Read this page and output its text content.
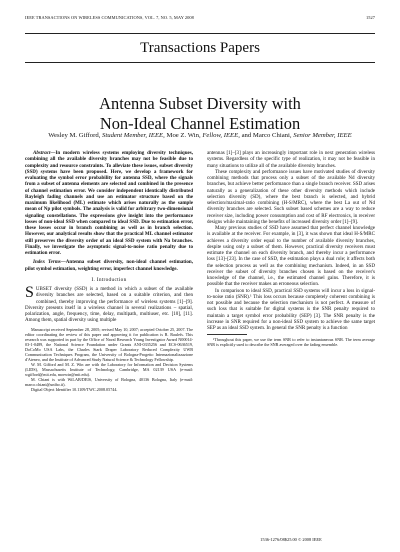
IEEE TRANSACTIONS ON WIRELESS COMMUNICATIONS, VOL. 7, NO. 5, MAY 2008	1527
Transactions Papers
Antenna Subset Diversity with
Non-Ideal Channel Estimation
Wesley M. Gifford, Student Member, IEEE, Moe Z. Win, Fellow, IEEE, and Marco Chiani, Senior Member, IEEE

Abstract—In modern wireless systems employing diversity techniques, combining all the available diversity branches may not be feasible due to complexity and resource constraints. To alleviate these issues, subset diversity (SSD) systems have been proposed. Here, we develop a framework for evaluating the symbol error probability for antenna SSD, where the signals from a subset of antenna elements are selected and combined in the presence of channel estimation error. We consider independent identically distributed Rayleigh fading channels and use an estimator structure based on the maximum likelihood (ML) estimate which arises naturally as the sample mean of Np pilot symbols. The analysis is valid for arbitrary two-dimensional signaling constellations. The expressions give insight into the performance losses of non-ideal SSD when compared to ideal SSD. Due to estimation error, these losses occur in branch combining as well as in branch selection. However, our analytical results show that the practical ML channel estimator still preserves the diversity order of an ideal SSD system with Na branches. Finally, we investigate the asymptotic signal-to-noise ratio penalty due to estimation error.

Index Terms—Antenna subset diversity, non-ideal channel estimation, pilot symbol estimation, weighting error, imperfect channel knowledge.

I. Introduction

SUBSET diversity (SSD) is a method in which a subset of the available diversity branches are selected, based on a suitable criterion, and then combined, thereby improving the performance of wireless systems [1]–[9]. Diversity presents itself in a wireless channel in several realizations – spatial, polarization, angle, frequency, time, delay, multipath, multiuser, etc. [10], [11]. Among them, spatial diversity using multiple

Manuscript received September 28, 2005; revised May 10, 2007; accepted October 25, 2007. The editor coordinating the review of this paper and approving it for publication is R. Raulefs. This research was supported in part by the Office of Naval Research Young Investigator Award N00014-03-1-0489, the National Science Foundation under Grants ANI-0335256 and ECS-0636519, DoCoMo USA Labs, the Charles Stark Draper Laboratory Reduced Complexity UWB Communication Techniques Program, the University of Bologna-Progetto Internazionalizzazione d'Ateneo, and the Institute of Advanced Study Natural Science & Technology Fellowship.

W. M. Gifford and M. Z. Win are with the Laboratory for Information and Decision Systems (LIDS), Massachusetts Institute of Technology, Cambridge, MA 02139 USA (e-mail: wgifford@mit.edu, moewin@mit.edu).

M. Chiani is with WiLAB/DEIS, University of Bologna, 40136 Bologna, Italy (e-mail: marco.chiani@unibo.it).

Digital Object Identifier 10.1109/TWC.2008.05744.

antennas [1]–[3] plays an increasingly important role in next generation wireless systems. Regardless of the specific type of realization, it may not be feasible in many situations to utilize all of the available diversity branches.

These complexity and performance issues have motivated studies of diversity combining methods that process only a subset of the available Nd diversity branches, but achieve better performance than a single branch receiver. SSD arises naturally as a generalization of these other diversity methods which include selection diversity (SD), where the best branch is selected, and hybrid selection/maximal-ratio combining (H-S/MRC), where the best La out of Nd diversity branches are selected. Such subset based schemes are a way to reduce receiver size, including power consumption and cost of RF electronics, in receiver designs while maintaining the benefits of increased diversity order [1]–[9].

Many previous studies of SSD have assumed that perfect channel knowledge is available at the receiver. For example, in [3], it was shown that ideal H-S/MRC achieves a diversity order equal to the number of available diversity branches, despite using only a subset of them. However, practical diversity receivers must estimate the channel on each diversity branch, and thereby incur a performance loss [13]–[23]. In the case of SSD, the estimation plays a dual role; it affects both the selection process as well as the combining mechanism. Indeed, in an SSD receiver the subset of diversity branches chosen is based on the receiver's knowledge of the channel, i.e., the estimated channel gains. Therefore, it is possible that the receiver makes an erroneous selection.

In comparison to ideal SSD, practical SSD systems will incur a loss in signal-to-noise ratio (SNR).¹ This loss occurs because completely coherent combining is not possible and because the selection mechanism is not perfect. A measure of such loss that is suitable for digital systems is the SNR penalty required to maintain a target symbol error probability (SEP) [3]. The SNR penalty is the increase in SNR required for a non-ideal SSD system to achieve the same target SEP as an ideal SSD system. In general the SNR penalty is a function

¹Throughout this paper, we use the term SNR to refer to instantaneous SNR. The term average SNR is explicitly used to describe the SNR averaged over the fading ensemble.

1536-1276/08$25.00 © 2008 IEEE
